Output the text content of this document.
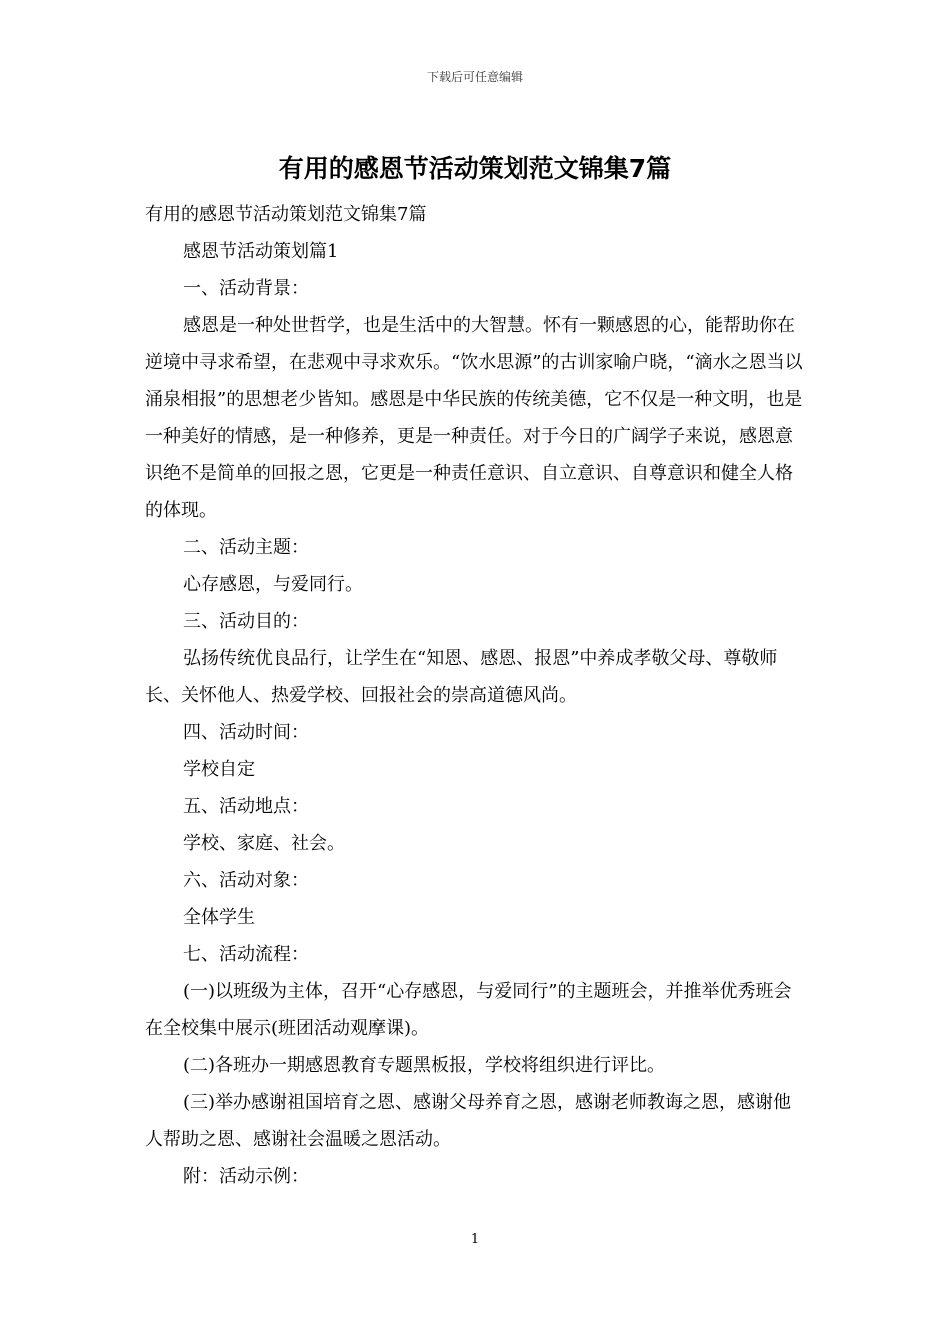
下载后可任意编辑
有用的感恩节活动策划范文锦集7篇

有用的感恩节活动策划范文锦集7篇

感恩节活动策划篇1

一、活动背景：

感恩是一种处世哲学，也是生活中的大智慧。怀有一颗感恩的心，能帮助你在逆境中寻求希望，在悲观中寻求欢乐。“饮水思源”的古训家喻户晓，“滴水之恩当以涌泉相报”的思想老少皆知。感恩是中华民族的传统美德，它不仅是一种文明，也是一种美好的情感，是一种修养，更是一种责任。对于今日的广阔学子来说，感恩意识绝不是简单的回报之恩，它更是一种责任意识、自立意识、自尊意识和健全人格的体现。

二、活动主题：

心存感恩，与爱同行。

三、活动目的：

弘扬传统优良品行，让学生在“知恩、感恩、报恩”中养成孝敬父母、尊敬师长、关怀他人、热爱学校、回报社会的崇高道德风尚。

四、活动时间：

学校自定

五、活动地点：

学校、家庭、社会。

六、活动对象：

全体学生

七、活动流程：

(一)以班级为主体，召开“心存感恩，与爱同行”的主题班会，并推举优秀班会在全校集中展示(班团活动观摩课)。

(二)各班办一期感恩教育专题黑板报，学校将组织进行评比。

(三)举办感谢祖国培育之恩、感谢父母养育之恩，感谢老师教诲之恩，感谢他人帮助之恩、感谢社会温暖之恩活动。

附：活动示例：

1
